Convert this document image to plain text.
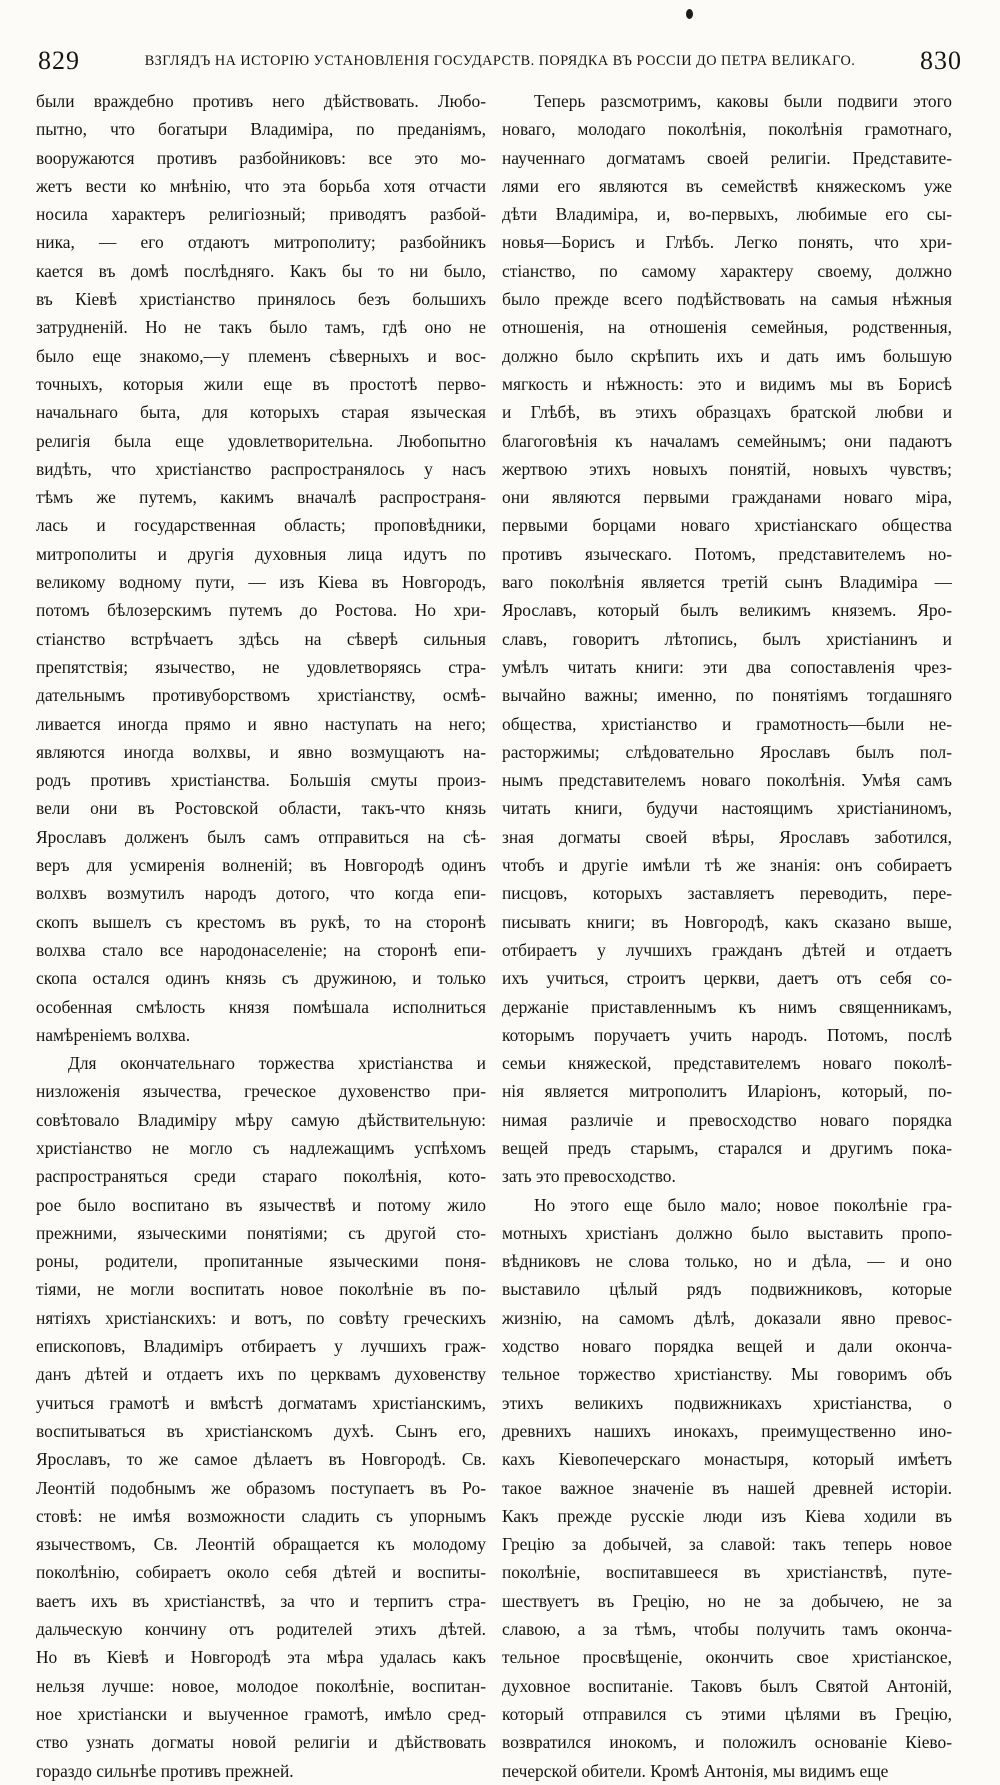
829	ВЗГЛЯДЪ НА ИСТОРІЮ УСТАНОВЛЕНІЯ ГОСУДАРСТВ. ПОРЯДКА ВЪ РОССІИ ДО ПЕТРА ВЕЛИКАГО.	830
были враждебно противъ него дѣйствовать. Любо-
пытно, что богатыри Владиміра, по преданіямъ,
вооружаются противъ разбойниковъ: все это мо-
жетъ вести ко мнѣнію, что эта борьба хотя отчасти
носила характеръ религіозный; приводятъ разбой-
ника, — его отдаютъ митрополиту; разбойникъ
кается въ домѣ послѣдняго. Какъ бы то ни было,
въ Кіевѣ христіанство принялось безъ большихъ
затрудненій. Но не такъ было тамъ, гдѣ оно не
было еще знакомо,—у племенъ сѣверныхъ и вос-
точныхъ, которыя жили еще въ простотѣ перво-
начальнаго быта, для которыхъ старая языческая
религія была еще удовлетворительна. Любопытно
видѣть, что христіанство распространялось у насъ
тѣмъ же путемъ, какимъ вначалѣ распространя-
лась и государственная область; проповѣдники,
митрополиты и другія духовныя лица идутъ по
великому водному пути, — изъ Кіева въ Новгородъ,
потомъ бѣлозерскимъ путемъ до Ростова. Но хри-
стіанство встрѣчаетъ здѣсь на сѣверѣ сильныя
препятствія; язычество, не удовлетворяясь стра-
дательнымъ противуборствомъ христіанству, осмѣ-
ливается иногда прямо и явно наступать на него;
являются иногда волхвы, и явно возмущаютъ на-
родъ противъ христіанства. Большія смуты произ-
вели они въ Ростовской области, такъ-что князь
Ярославъ долженъ былъ самъ отправиться на сѣ-
веръ для усмиренія волненій; въ Новгородѣ одинъ
волхвъ возмутилъ народъ дотого, что когда епи-
скопъ вышелъ съ крестомъ въ рукѣ, то на сторонѣ
волхва стало все народонаселеніе; на сторонѣ епи-
скопа остался одинъ князь съ дружиною, и только
особенная смѣлость князя помѣшала исполниться
намѣреніемъ волхва.
Для окончательнаго торжества христіанства и
низложенія язычества, греческое духовенство при-
совѣтовало Владиміру мѣру самую дѣйствительную:
христіанство не могло съ надлежащимъ успѣхомъ
распространяться среди стараго поколѣнія, кото-
рое было воспитано въ язычествѣ и потому жило
прежними, языческими понятіями; съ другой сто-
роны, родители, пропитанные языческими поня-
тіями, не могли воспитать новое поколѣніе въ по-
нятіяхъ христіанскихъ: и вотъ, по совѣту греческихъ
епископовъ, Владиміръ отбираетъ у лучшихъ граж-
данъ дѣтей и отдаетъ ихъ по церквамъ духовенству
учиться грамотѣ и вмѣстѣ догматамъ христіанскимъ,
воспитываться въ христіанскомъ духѣ. Сынъ его,
Ярославъ, то же самое дѣлаетъ въ Новгородѣ. Св.
Леонтій подобнымъ же образомъ поступаетъ въ Ро-
стовѣ: не имѣя возможности сладить съ упорнымъ
язычествомъ, Св. Леонтій обращается къ молодому
поколѣнію, собираетъ около себя дѣтей и воспиты-
ваетъ ихъ въ христіанствѣ, за что и терпитъ стра-
дальческую кончину отъ родителей этихъ дѣтей.
Но въ Кіевѣ и Новгородѣ эта мѣра удалась какъ
нельзя лучше: новое, молодое поколѣніе, воспитан-
ное христіански и выученное грамотѣ, имѣло сред-
ство узнать догматы новой религіи и дѣйствовать
гораздо сильнѣе противъ прежней.
Теперь разсмотримъ, каковы были подвиги этого
новаго, молодаго поколѣнія, поколѣнія грамотнаго,
наученнаго догматамъ своей религіи. Представите-
лями его являются въ семействѣ княжескомъ уже
дѣти Владиміра, и, во-первыхъ, любимые его сы-
новья—Борисъ и Глѣбъ. Легко понять, что хри-
стіанство, по самому характеру своему, должно
было прежде всего подѣйствовать на самыя нѣжныя
отношенія, на отношенія семейныя, родственныя,
должно было скрѣпить ихъ и дать имъ большую
мягкость и нѣжность: это и видимъ мы въ Борисѣ
и Глѣбѣ, въ этихъ образцахъ братской любви и
благоговѣнія къ началамъ семейнымъ; они падаютъ
жертвою этихъ новыхъ понятій, новыхъ чувствъ;
они являются первыми гражданами новаго міра,
первыми борцами новаго христіанскаго общества
противъ языческаго. Потомъ, представителемъ но-
ваго поколѣнія является третій сынъ Владиміра —
Ярославъ, который былъ великимъ княземъ. Яро-
славъ, говоритъ лѣтопись, былъ христіанинъ и
умѣлъ читать книги: эти два сопоставленія чрез-
вычайно важны; именно, по понятіямъ тогдашняго
общества, христіанство и грамотность—были не-
расторжимы; слѣдовательно Ярославъ былъ пол-
нымъ представителемъ новаго поколѣнія. Умѣя самъ
читать книги, будучи настоящимъ христіаниномъ,
зная догматы своей вѣры, Ярославъ заботился,
чтобъ и другіе имѣли тѣ же знанія: онъ собираетъ
писцовъ, которыхъ заставляетъ переводить, пере-
писывать книги; въ Новгородѣ, какъ сказано выше,
отбираетъ у лучшихъ гражданъ дѣтей и отдаетъ
ихъ учиться, строитъ церкви, даетъ отъ себя со-
держаніе приставленнымъ къ нимъ священникамъ,
которымъ поручаетъ учить народъ. Потомъ, послѣ
семьи княжеской, представителемъ новаго поколѣ-
нія является митрополитъ Иларіонъ, который, по-
нимая различіе и превосходство новаго порядка
вещей предъ старымъ, старался и другимъ пока-
зать это превосходство.
Но этого еще было мало; новое поколѣніе гра-
мотныхъ христіанъ должно было выставить пропо-
вѣдниковъ не слова только, но и дѣла, — и оно
выставило цѣлый рядъ подвижниковъ, которые
жизнію, на самомъ дѣлѣ, доказали явно превос-
ходство новаго порядка вещей и дали оконча-
тельное торжество христіанству. Мы говоримъ объ
этихъ великихъ подвижникахъ христіанства, о
древнихъ нашихъ инокахъ, преимущественно ино-
кахъ Кіевопечерскаго монастыря, который имѣетъ
такое важное значеніе въ нашей древней исторіи.
Какъ прежде русскіе люди изъ Кіева ходили въ
Грецію за добычей, за славой: такъ теперь новое
поколѣніе, воспитавшееся въ христіанствѣ, путе-
шествуетъ въ Грецію, но не за добычею, не за
славою, а за тѣмъ, чтобы получить тамъ оконча-
тельное просвѣщеніе, окончить свое христіанское,
духовное воспитаніе. Таковъ былъ Святой Антоній,
который отправился съ этими цѣлями въ Грецію,
возвратился инокомъ, и положилъ основаніе Кіево-
печерской обители. Кромѣ Антонія, мы видимъ еще
